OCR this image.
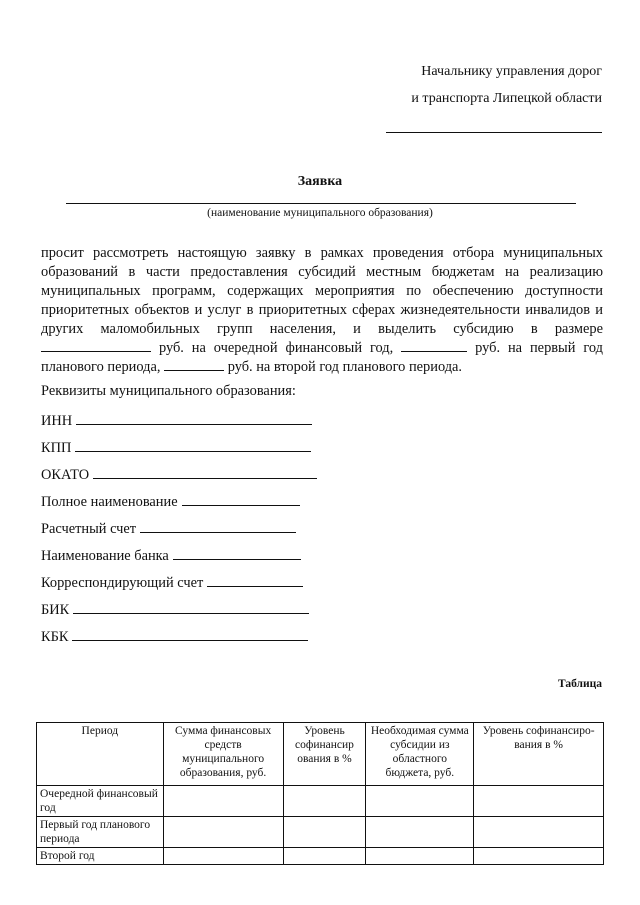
Начальнику управления дорог
и транспорта Липецкой области
Заявка
(наименование муниципального образования)

просит рассмотреть настоящую заявку в рамках проведения отбора муниципальных образований в части предоставления субсидий местным бюджетам на реализацию муниципальных программ, содержащих мероприятия по обеспечению доступности приоритетных объектов и услуг в приоритетных сферах жизнедеятельности инвалидов и других маломобильных групп населения, и выделить субсидию в размере  руб. на очередной финансовый год,	руб. на первый год планового периода,	руб. на второй год планового периода.

Реквизиты муниципального образования:
ИНН
КПП
ОКАТО
Полное наименование
Расчетный счет
Наименование банка
Корреспондирующий счет
БИК
КБК
Таблица
Период	Сумма финансовых средств муниципального образования, руб.	Уровень софинансир ования в %	Необходимая сумма субсидии из областного бюджета, руб.	Уровень софинансиро-вания в %
Очередной финансовый год				
Первый год планового периода				
Второй год				
